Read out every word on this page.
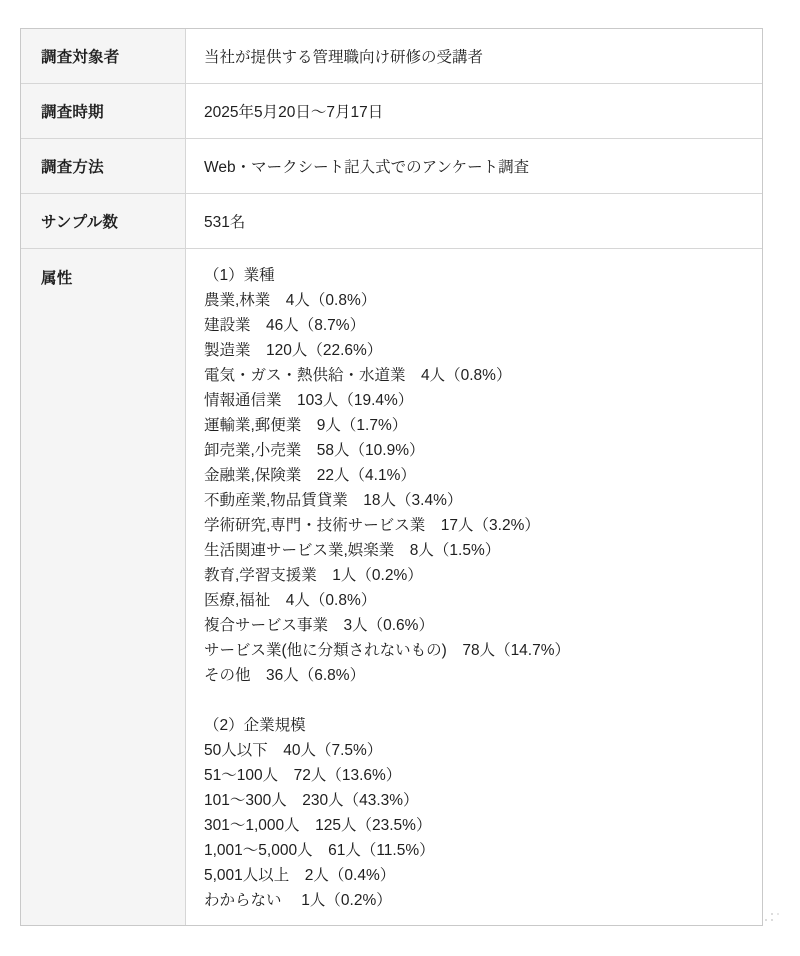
調査対象者	当社が提供する管理職向け研修の受講者
調査時期	2025年5月20日〜7月17日
調査方法	Web・マークシート記入式でのアンケート調査
サンプル数	531名
属性	（1）業種
農業,林業　4人（0.8%）
建設業　46人（8.7%）
製造業　120人（22.6%）
電気・ガス・熱供給・水道業　4人（0.8%）
情報通信業　103人（19.4%）
運輸業,郵便業　9人（1.7%）
卸売業,小売業　58人（10.9%）
金融業,保険業　22人（4.1%）
不動産業,物品賃貸業　18人（3.4%）
学術研究,専門・技術サービス業　17人（3.2%）
生活関連サービス業,娯楽業　8人（1.5%）
教育,学習支援業　1人（0.2%）
医療,福祉　4人（0.8%）
複合サービス事業　3人（0.6%）
サービス業(他に分類されないもの)　78人（14.7%）
その他　36人（6.8%）
（2）企業規模
50人以下　40人（7.5%）
51〜100人　72人（13.6%）
101〜300人　230人（43.3%）
301〜1,000人　125人（23.5%）
1,001〜5,000人　61人（11.5%）
5,001人以上　2人（0.4%）
わからない　 1人（0.2%）
